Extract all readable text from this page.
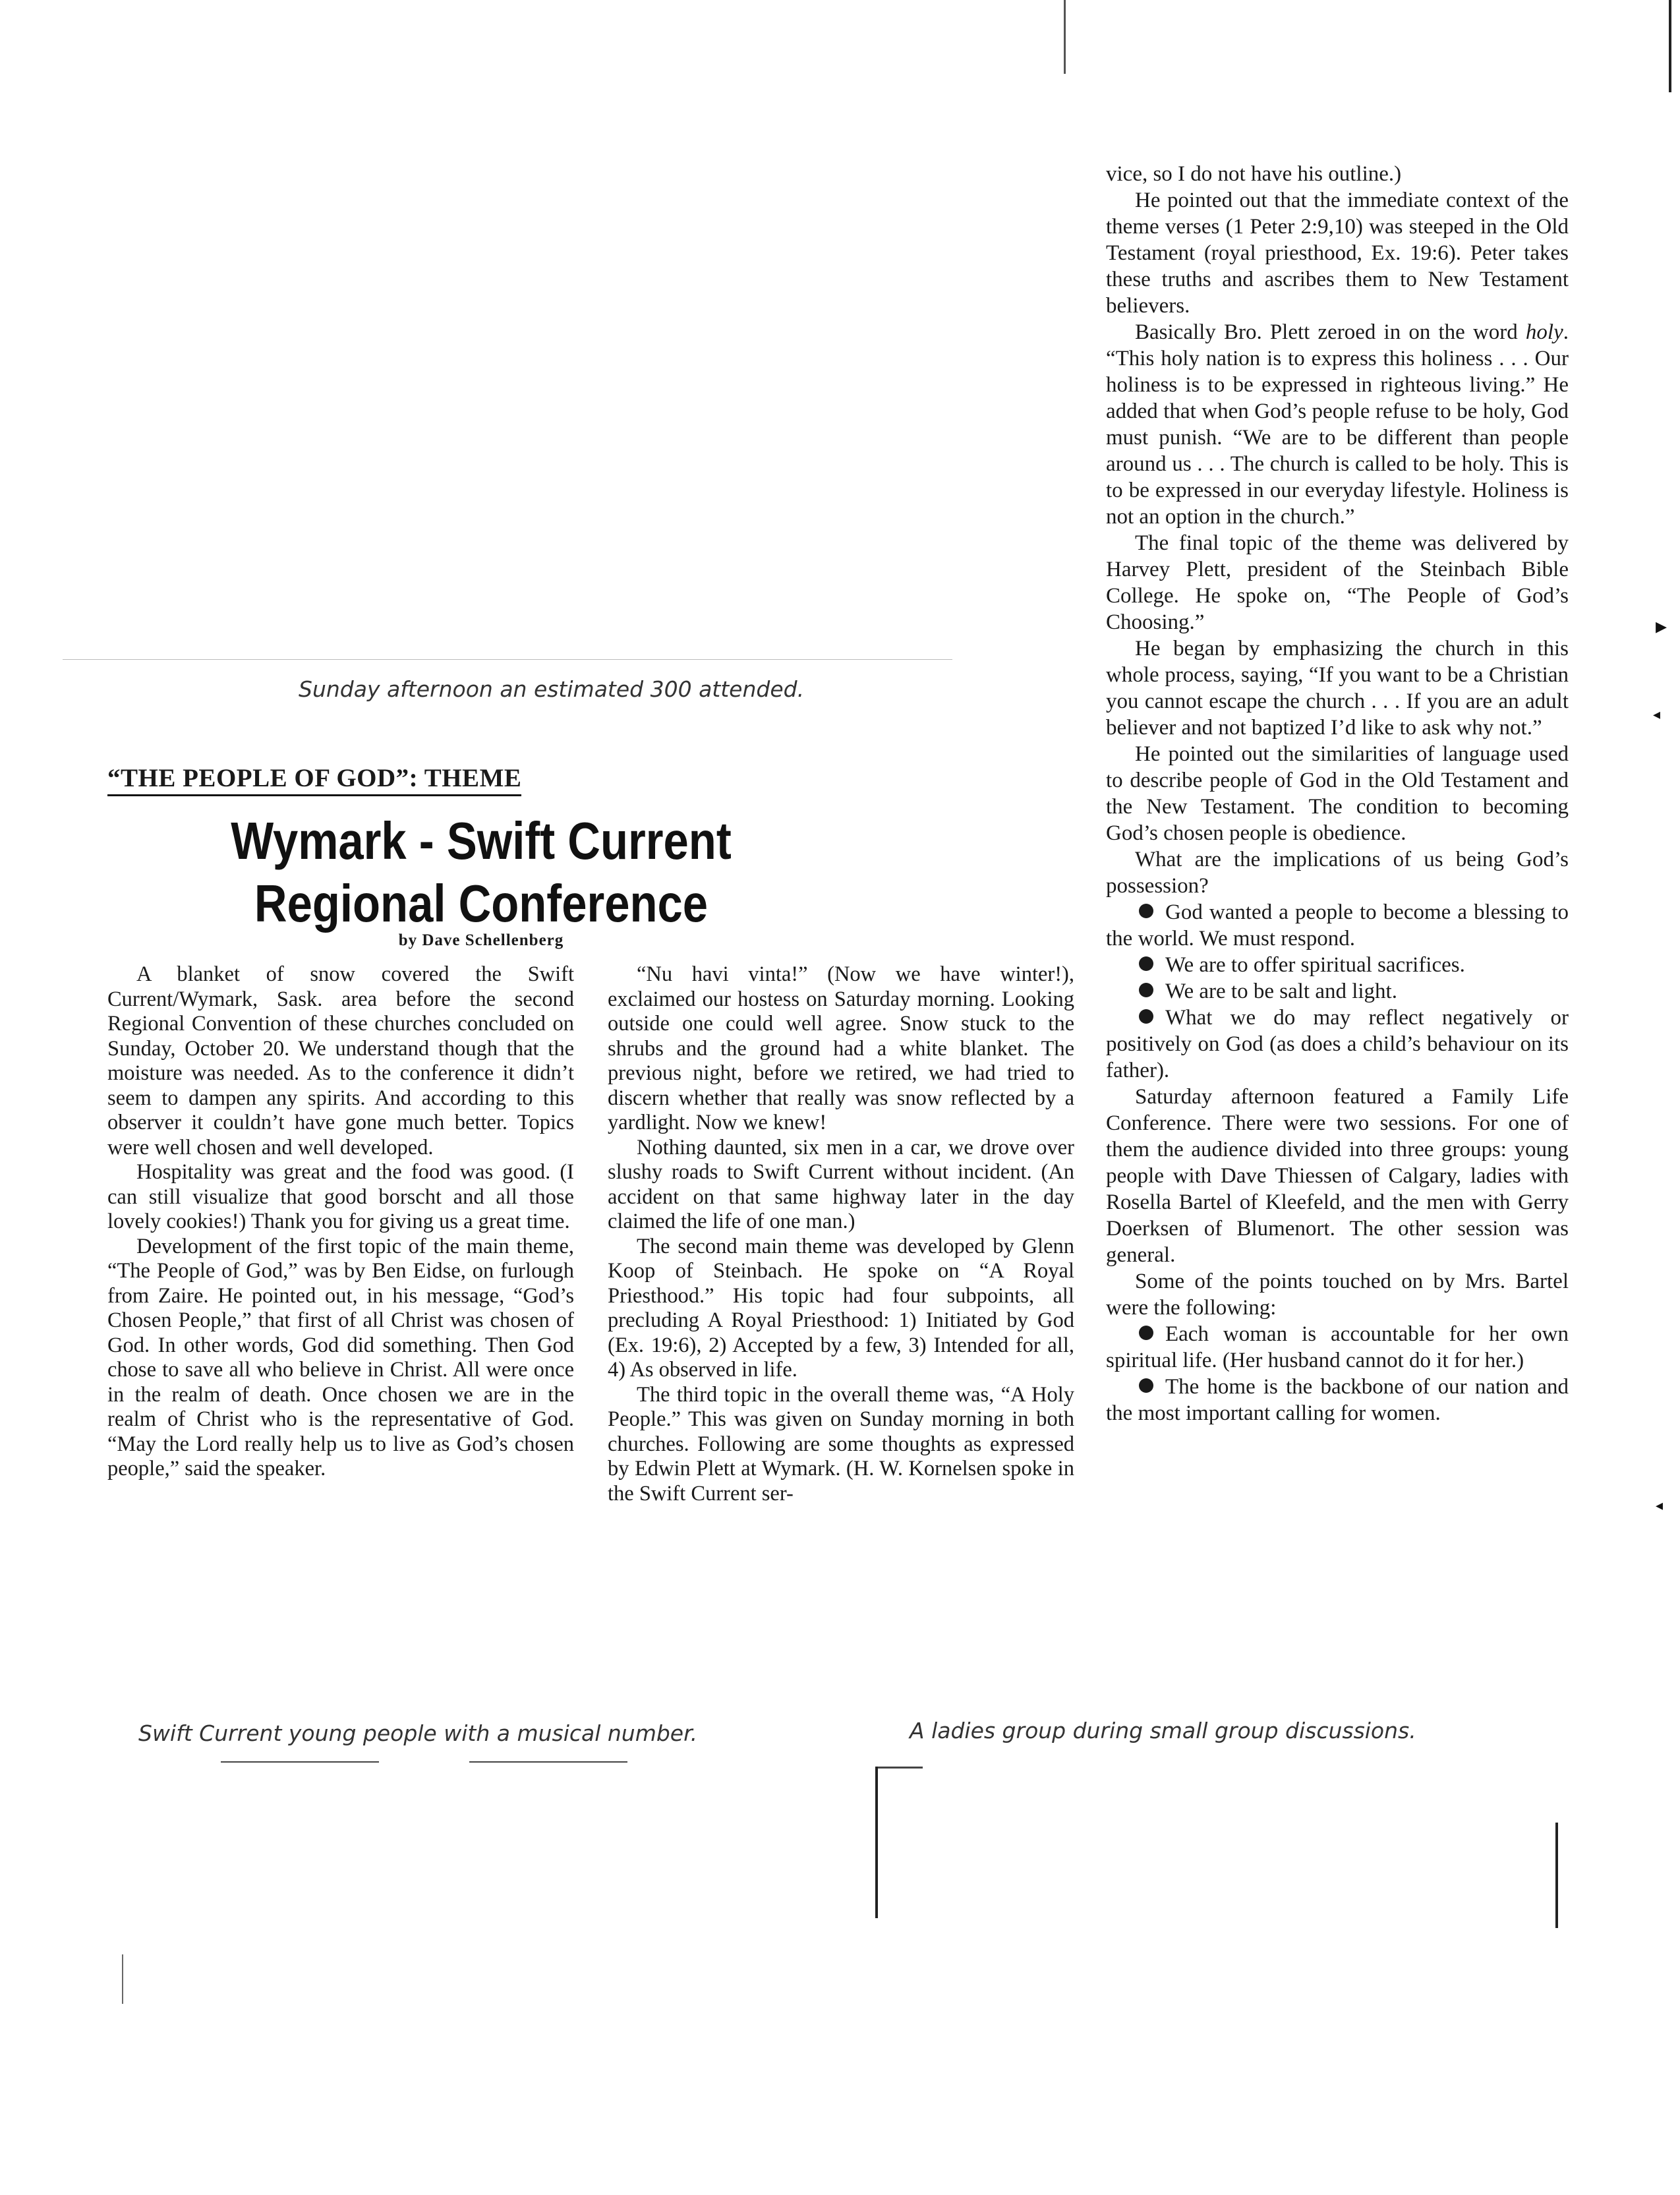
▸
◂
◂
Sunday afternoon an estimated 300 attended.
“THE PEOPLE OF GOD”: THEME
Wymark - Swift Current
Regional Conference
by Dave Schellenberg

A blanket of snow covered the Swift Current/Wymark, Sask. area before the second Regional Convention of these churches concluded on Sunday, October 20. We understand though that the moisture was needed. As to the conference it didn’t seem to dampen any spirits. And according to this observer it couldn’t have gone much better. Topics were well chosen and well developed.

Hospitality was great and the food was good. (I can still visualize that good borscht and all those lovely cookies!) Thank you for giving us a great time.

Development of the first topic of the main theme, “The People of God,” was by Ben Eidse, on furlough from Zaire. He pointed out, in his message, “God’s Chosen People,” that first of all Christ was chosen of God. In other words, God did something. Then God chose to save all who believe in Christ. All were once in the realm of death. Once chosen we are in the realm of Christ who is the representative of God. “May the Lord really help us to live as God’s chosen people,” said the speaker.

“Nu havi vinta!” (Now we have winter!), exclaimed our hostess on Saturday morning. Looking outside one could well agree. Snow stuck to the shrubs and the ground had a white blanket. The previous night, before we retired, we had tried to discern whether that really was snow reflected by a yardlight. Now we knew!

Nothing daunted, six men in a car, we drove over slushy roads to Swift Current without incident. (An accident on that same highway later in the day claimed the life of one man.)

The second main theme was developed by Glenn Koop of Steinbach. He spoke on “A Royal Priesthood.” His topic had four subpoints, all precluding A Royal Priesthood: 1) Initiated by God (Ex. 19:6), 2) Accepted by a few, 3) Intended for all, 4) As observed in life.

The third topic in the overall theme was, “A Holy People.” This was given on Sunday morning in both churches. Following are some thoughts as expressed by Edwin Plett at Wymark. (H. W. Kornelsen spoke in the Swift Current ser-

vice, so I do not have his outline.)

He pointed out that the immediate context of the theme verses (1 Peter 2:9,10) was steeped in the Old Testament (royal priesthood, Ex. 19:6). Peter takes these truths and ascribes them to New Testament believers.

Basically Bro. Plett zeroed in on the word holy. “This holy nation is to express this holiness . . . Our holiness is to be expressed in righteous living.” He added that when God’s people refuse to be holy, God must punish. “We are to be different than people around us . . . The church is called to be holy. This is to be expressed in our everyday lifestyle. Holiness is not an option in the church.”

The final topic of the theme was delivered by Harvey Plett, president of the Steinbach Bible College. He spoke on, “The People of God’s Choosing.”

He began by emphasizing the church in this whole process, saying, “If you want to be a Christian you cannot escape the church . . . If you are an adult believer and not baptized I’d like to ask why not.”

He pointed out the similarities of language used to describe people of God in the Old Testament and the New Testament. The condition to becoming God’s chosen people is obedience.

What are the implications of us being God’s possession?

God wanted a people to become a blessing to the world. We must respond.

We are to offer spiritual sacrifices.

We are to be salt and light.

What we do may reflect negatively or positively on God (as does a child’s behaviour on its father).

Saturday afternoon featured a Family Life Conference. There were two sessions. For one of them the audience divided into three groups: young people with Dave Thiessen of Calgary, ladies with Rosella Bartel of Kleefeld, and the men with Gerry Doerksen of Blumenort. The other session was general.

Some of the points touched on by Mrs. Bartel were the following:

Each woman is accountable for her own spiritual life. (Her husband cannot do it for her.)

The home is the backbone of our nation and the most important calling for women.

Swift Current young people with a musical number.	A ladies group during small group discussions.
